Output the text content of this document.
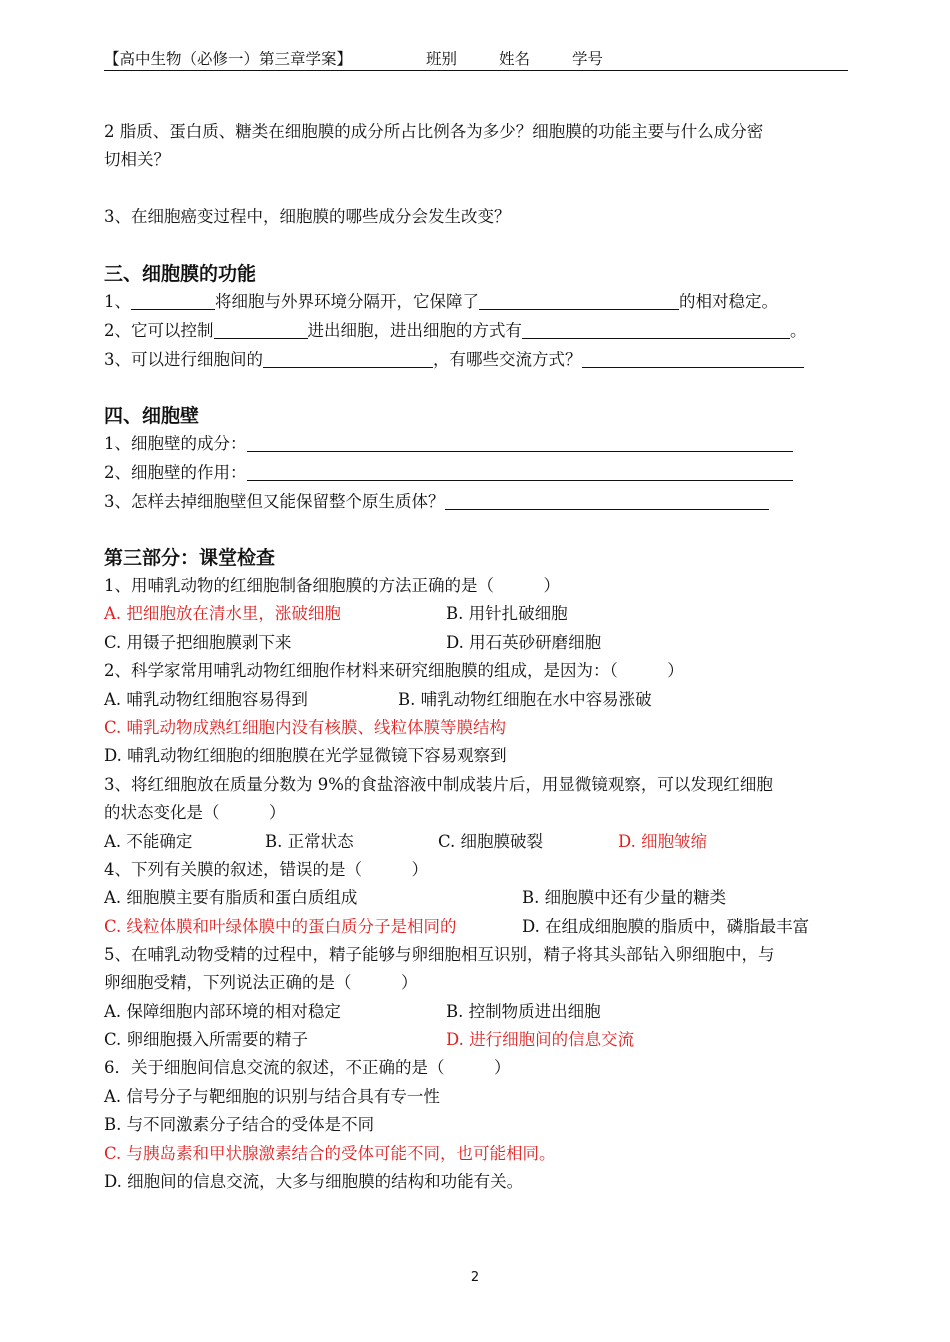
【高中生物（必修一）第三章学案】	班别	姓名	学号
2 脂质、蛋白质、糖类在细胞膜的成分所占比例各为多少？细胞膜的功能主要与什么成分密
切相关？
3、在细胞癌变过程中，细胞膜的哪些成分会发生改变？
三、细胞膜的功能
1、	将细胞与外界环境分隔开，它保障了	的相对稳定。
2、它可以控制	进出细胞，进出细胞的方式有	。
3、可以进行细胞间的	，有哪些交流方式？
四、细胞壁
1、细胞壁的成分：
2、细胞壁的作用：
3、怎样去掉细胞壁但又能保留整个原生质体？
第三部分：课堂检查
1、用哺乳动物的红细胞制备细胞膜的方法正确的是（　　　）
A. 把细胞放在清水里，涨破细胞	B. 用针扎破细胞
C. 用镊子把细胞膜剥下来	D. 用石英砂研磨细胞
2、科学家常用哺乳动物红细胞作材料来研究细胞膜的组成，是因为：（　　　）
A. 哺乳动物红细胞容易得到	B. 哺乳动物红细胞在水中容易涨破
C. 哺乳动物成熟红细胞内没有核膜、线粒体膜等膜结构
D. 哺乳动物红细胞的细胞膜在光学显微镜下容易观察到
3、将红细胞放在质量分数为 9%的食盐溶液中制成装片后，用显微镜观察，可以发现红细胞
的状态变化是（　　　）
A. 不能确定	B. 正常状态	C. 细胞膜破裂	D. 细胞皱缩
4、下列有关膜的叙述，错误的是（　　　）
A. 细胞膜主要有脂质和蛋白质组成	B. 细胞膜中还有少量的糖类
C. 线粒体膜和叶绿体膜中的蛋白质分子是相同的	D. 在组成细胞膜的脂质中，磷脂最丰富
5、在哺乳动物受精的过程中，精子能够与卵细胞相互识别，精子将其头部钻入卵细胞中，与
卵细胞受精，下列说法正确的是（　　　）
A. 保障细胞内部环境的相对稳定	B. 控制物质进出细胞
C. 卵细胞摄入所需要的精子	D. 进行细胞间的信息交流
6．关于细胞间信息交流的叙述，不正确的是（　　　）
A. 信号分子与靶细胞的识别与结合具有专一性
B. 与不同激素分子结合的受体是不同
C. 与胰岛素和甲状腺激素结合的受体可能不同，也可能相同。
D. 细胞间的信息交流，大多与细胞膜的结构和功能有关。
2
